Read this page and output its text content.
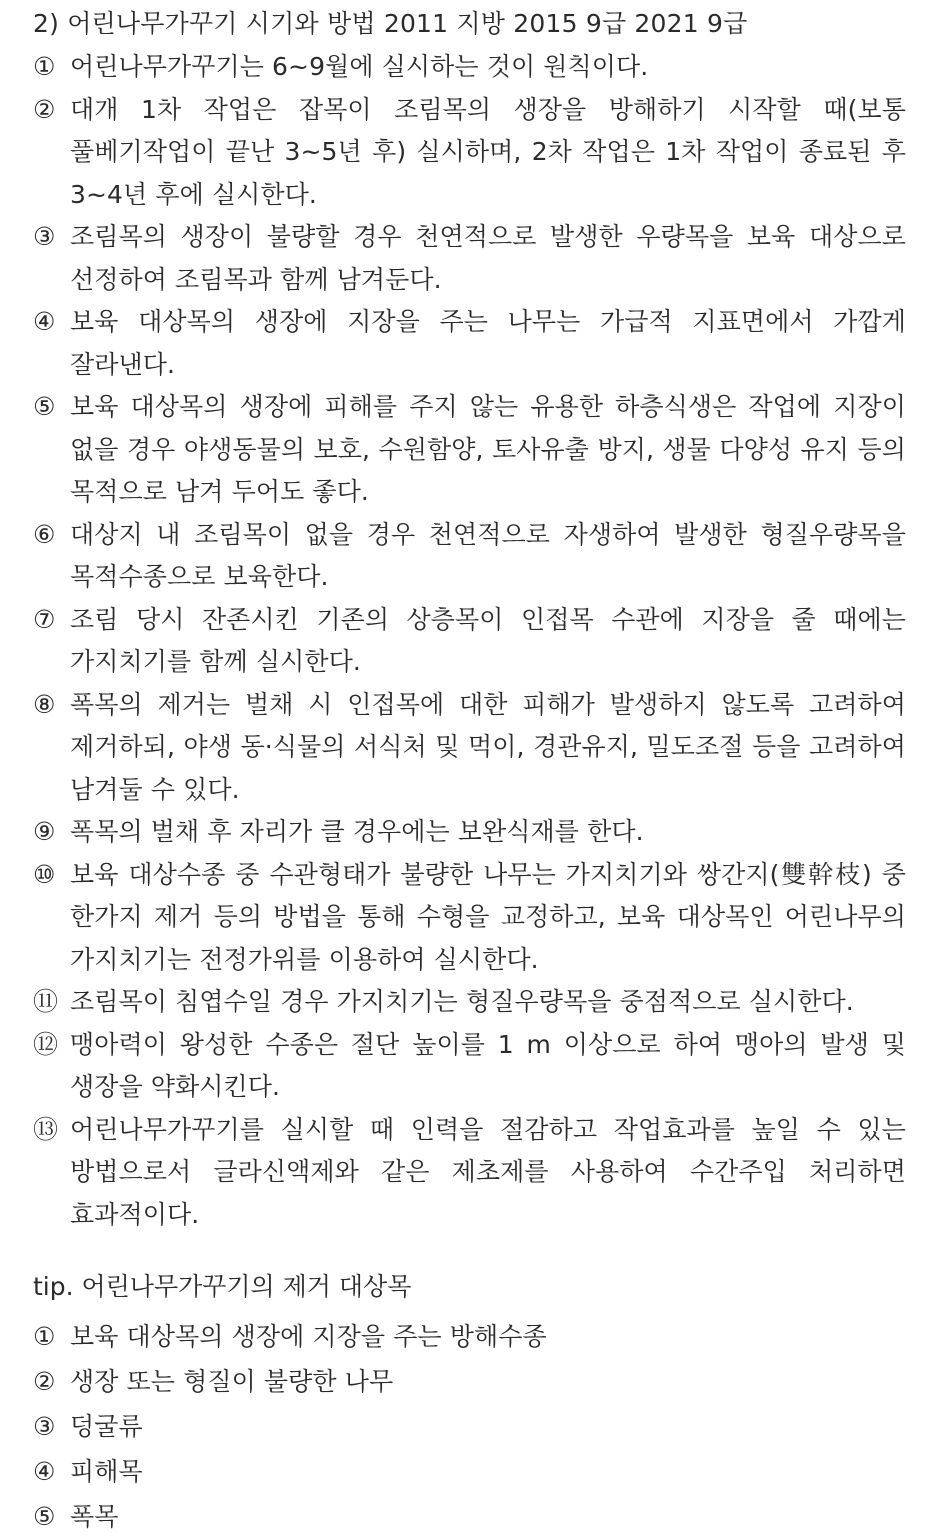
2) 어린나무가꾸기 시기와 방법 2011 지방 2015 9급 2021 9급
① 어린나무가꾸기는 6~9월에 실시하는 것이 원칙이다.
② 대개 1차 작업은 잡목이 조림목의 생장을 방해하기 시작할 때(보통 풀베기작업이 끝난 3~5년 후) 실시하며, 2차 작업은 1차 작업이 종료된 후 3~4년 후에 실시한다.
③ 조림목의 생장이 불량할 경우 천연적으로 발생한 우량목을 보육 대상으로 선정하여 조림목과 함께 남겨둔다.
④ 보육 대상목의 생장에 지장을 주는 나무는 가급적 지표면에서 가깝게 잘라낸다.
⑤ 보육 대상목의 생장에 피해를 주지 않는 유용한 하층식생은 작업에 지장이 없을 경우 야생동물의 보호, 수원함양, 토사유출 방지, 생물 다양성 유지 등의 목적으로 남겨 두어도 좋다.
⑥ 대상지 내 조림목이 없을 경우 천연적으로 자생하여 발생한 형질우량목을 목적수종으로 보육한다.
⑦ 조림 당시 잔존시킨 기존의 상층목이 인접목 수관에 지장을 줄 때에는 가지치기를 함께 실시한다.
⑧ 폭목의 제거는 벌채 시 인접목에 대한 피해가 발생하지 않도록 고려하여 제거하되, 야생 동·식물의 서식처 및 먹이, 경관유지, 밀도조절 등을 고려하여 남겨둘 수 있다.
⑨ 폭목의 벌채 후 자리가 클 경우에는 보완식재를 한다.
⑩ 보육 대상수종 중 수관형태가 불량한 나무는 가지치기와 쌍간지(雙幹枝) 중 한가지 제거 등의 방법을 통해 수형을 교정하고, 보육 대상목인 어린나무의 가지치기는 전정가위를 이용하여 실시한다.
⑪ 조림목이 침엽수일 경우 가지치기는 형질우량목을 중점적으로 실시한다.
⑫ 맹아력이 왕성한 수종은 절단 높이를 1 m 이상으로 하여 맹아의 발생 및 생장을 약화시킨다.
⑬ 어린나무가꾸기를 실시할 때 인력을 절감하고 작업효과를 높일 수 있는 방법으로서 글라신액제와 같은 제초제를 사용하여 수간주입 처리하면 효과적이다.
tip. 어린나무가꾸기의 제거 대상목
① 보육 대상목의 생장에 지장을 주는 방해수종
② 생장 또는 형질이 불량한 나무
③ 덩굴류
④ 피해목
⑤ 폭목
